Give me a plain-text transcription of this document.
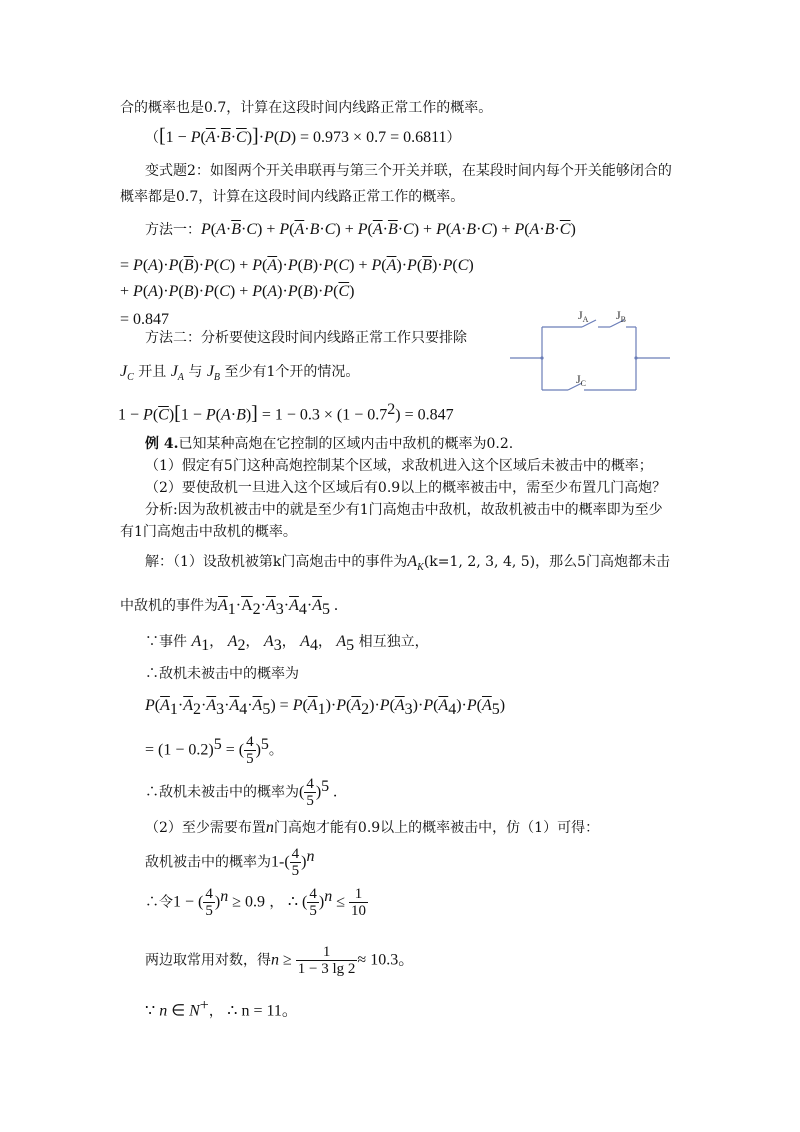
合的概率也是0.7，计算在这段时间内线路正常工作的概率。
$([1 - P(\overline{A}\cdot\overline{B}\cdot\overline{C})]\cdot P(D) = 0.973 \times 0.7 = 0.6811)$
变式题2：如图两个开关串联再与第三个开关并联，在某段时间内每个开关能够闭合的
概率都是0.7，计算在这段时间内线路正常工作的概率。
方法一：$P(A\cdot\overline{B}\cdot C) + P(\overline{A}\cdot B\cdot C) + P(\overline{A}\cdot\overline{B}\cdot C) + P(A\cdot B\cdot C) + P(A\cdot B\cdot\overline{C})$
= $P(A)\cdot P(\overline{B})\cdot P(C) + P(\overline{A})\cdot P(B)\cdot P(C) + P(\overline{A})\cdot P(\overline{B})\cdot P(C)$
+ $P(A)\cdot P(B)\cdot P(C) + P(A)\cdot P(B)\cdot P(\overline{C})$
= 0.847
方法二：分析要使这段时间内线路正常工作只要排除
$J_C$ 开且 $J_A$ 与 $J_B$ 至少有1个开的情况。
$J_A$ $J_B$
$J_C$
$1 - P(\overline{C})[1 - P(A\cdot B)] = 1 - 0.3 \times (1 - 0.7^2) = 0.847$
例 4.已知某种高炮在它控制的区域内击中敌机的概率为0.2.
（1）假定有5门这种高炮控制某个区域，求敌机进入这个区域后未被击中的概率；
（2）要使敌机一旦进入这个区域后有0.9以上的概率被击中，需至少布置几门高炮？
分析:因为敌机被击中的就是至少有1门高炮击中敌机，故敌机被击中的概率即为至少
有1门高炮击中敌机的概率。
解：（1）设敌机被第k门高炮击中的事件为$A_K(k=1$, 2, 3, 4, 5)，那么5门高炮都未击
中敌机的事件为$\overline{A}_1\cdot\overline{A}_2\cdot\overline{A}_3\cdot\overline{A}_4\cdot\overline{A}_5$ .
∵事件 $A_1$， $A_2$， $A_3$， $A_4$， $A_5$ 相互独立，
∴敌机未被击中的概率为
$P(\overline{A}_1\cdot\overline{A}_2\cdot\overline{A}_3\cdot\overline{A}_4\cdot\overline{A}_5) = P(\overline{A}_1)\cdot P(\overline{A}_2)\cdot P(\overline{A}_3)\cdot P(\overline{A}_4)\cdot P(\overline{A}_5)$
= $(1 - 0.2)^5$ = ( $\frac{4}{5} )^5$。
∴敌机未被击中的概率为( $\frac{4}{5} )^5$ .
（2）至少需要布置n门高炮才能有0.9以上的概率被击中，仿（1）可得：
敌机被击中的概率为$1-( \frac{4}{5} )^n$
∴令1 − ( $\frac{4}{5} )^n \ge 0.9$ ， ∴ ( $\frac{4}{5} )^n \le \frac{1}{10}$
两边取常用对数，得$n \ge \frac{1}{1 - 3 \lg 2} \approx 10.3$。
∵ n ∈ N+， ∴ n = 11。
